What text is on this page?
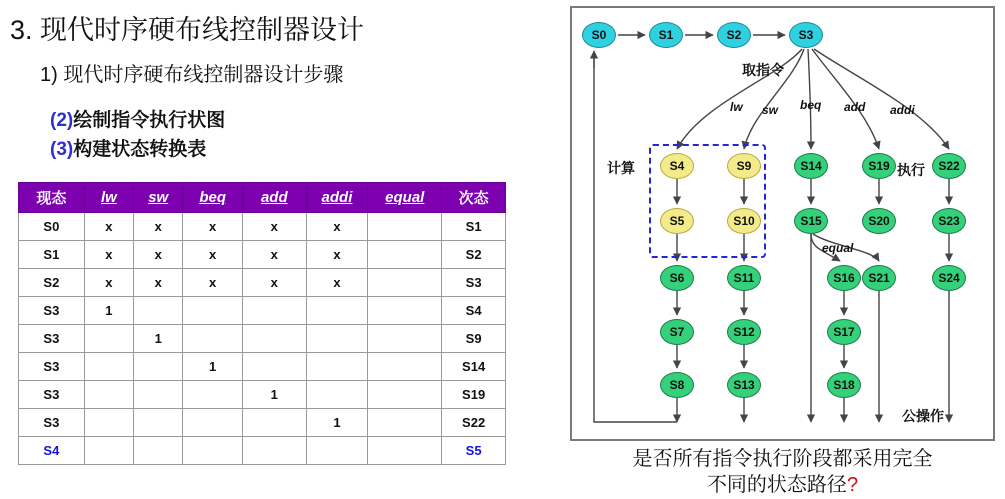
3. 现代时序硬布线控制器设计
1) 现代时序硬布线控制器设计步骤
(2)绘制指令执行状图
(3)构建状态转换表
现态	lw	sw	beq	add	addi	equal	次态
S0	x	x	x	x	x		S1
S1	x	x	x	x	x		S2
S2	x	x	x	x	x		S3
S3	1						S4
S3		1					S9
S3			1				S14
S3				1			S19
S3					1		S22
S4							S5
取指令
计算	执行
公操作
equal
lw sw beq add addi
S0	S1	S2	S3
S4	S9	S14	S19	S22
S5	S10	S15	S20	S23
S6	S11	S16	S21	S24
S7	S12	S17
S8	S13	S18
是否所有指令执行阶段都采用完全
不同的状态路径?
